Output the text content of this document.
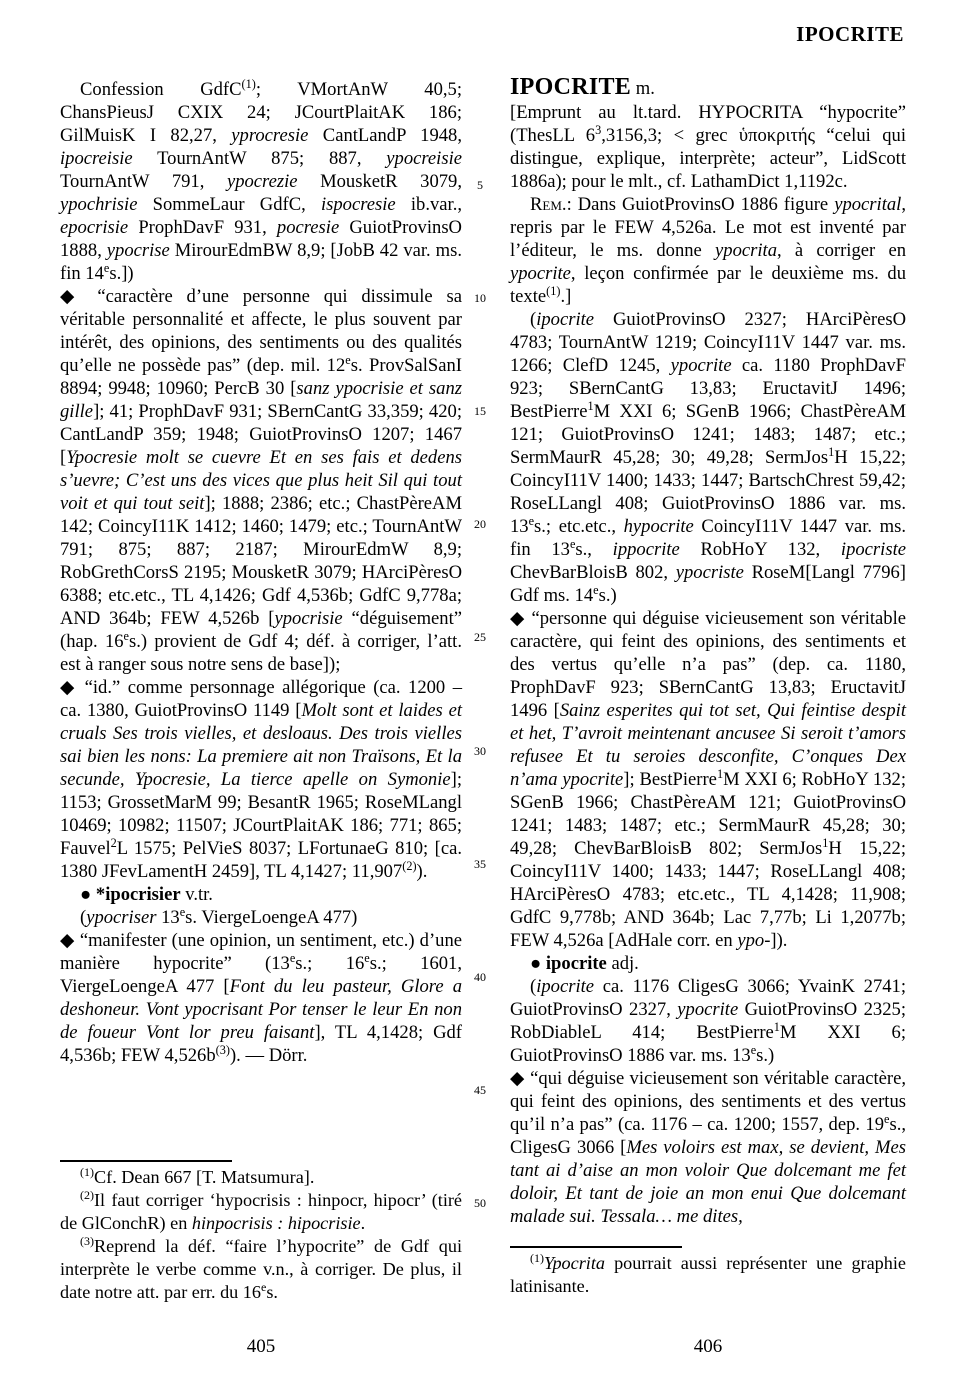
IPOCRITE

Confession GdfC$^{(1)}$; VMortAnW 40,5; ChansPieusJ CXIX 24; JCourtPlaitAK 186; GilMuisK I 82,27, yprocresie CantLandP 1948, ipocreisie TournAntW 875; 887, ypocreisie TournAntW 791, ypocrezie MousketR 3079, ypochrisie SommeLaur GdfC, ispocresie ib.var., epocrisie ProphDavF 931, pocresie GuiotProvinsO 1888, ypocrise MirourEdmBW 8,9; [JobB 42 var. ms. fin 14es.])

◆ “caractère d’une personne qui dissimule sa véritable personnalité et affecte, le plus souvent par intérêt, des opinions, des sentiments ou des qualités qu’elle ne possède pas” (dep. mil. 12es. ProvSalSanI 8894; 9948; 10960; PercB 30 [sanz ypocrisie et sanz gille]; 41; ProphDavF 931; SBernCantG 33,359; 420; CantLandP 359; 1948; GuiotProvinsO 1207; 1467 [Ypocresie molt se cuevre Et en ses fais et dedens s’uevre; C’est uns des vices que plus heit Sil qui tout voit et qui tout seit]; 1888; 2386; etc.; ChastPèreAM 142; CoincyI11K 1412; 1460; 1479; etc.; TournAntW 791; 875; 887; 2187; MirourEdmW 8,9; RobGrethCorsS 2195; MousketR 3079; HArciPèresO 6388; etc.etc., TL 4,1426; Gdf 4,536b; GdfC 9,778a; AND 364b; FEW 4,526b [ypocrisie “déguisement” (hap. 16es.) provient de Gdf 4; déf. à corriger, l’att. est à ranger sous notre sens de base]);

◆ “id.” comme personnage allégorique (ca. 1200 – ca. 1380, GuiotProvinsO 1149 [Molt sont et laides et cruals Ses trois vielles, et desloaus. Des trois vielles sai bien les nons: La premiere ait non Traïsons, Et la secunde, Ypocresie, La tierce apelle on Symonie]; 1153; GrossetMarM 99; BesantR 1965; RoseMLangl 10469; 10982; 11507; JCourtPlaitAK 186; 771; 865; Fauvel$^2$L 1575; PelVieS 8037; LFortunaeG 810; [ca. 1380 JFevLamentH 2459], TL 4,1427; 11,907$^{(2)}$).

● *ipocrisier v.tr.

(ypocriser 13es. ViergeLoengeA 477)

◆ “manifester (une opinion, un sentiment, etc.) d’une manière hypocrite” (13es.; 16es.; 1601, ViergeLoengeA 477 [Font du leu pasteur, Glore a deshoneur. Vont ypocrisant Por tenser le leur En non de foueur Vont lor preu faisant], TL 4,1428; Gdf 4,536b; FEW $4,526b^{(3)}$). — Dörr.

5
10
15
20
25
30
35
40
45
50

IPOCRITE m.

[Emprunt au lt.tard. HYPOCRITA “hypocrite” (ThesLL $6^3,3156,3$; < grec ὑποκριτής “celui qui distingue, explique, interprète; acteur”, LidScott 1886a); pour le mlt., cf. LathamDict 1,1192c.

Rem.: Dans GuiotProvinsO 1886 figure ypocrital, repris par le FEW 4,526a. Le mot est inventé par l’éditeur, le ms. donne ypocrita, à corriger en ypocrite, leçon confirmée par le deuxième ms. du texte$^{(1)}$.]

(ipocrite GuiotProvinsO 2327; HArciPèresO 4783; TournAntW 1219; CoincyI11V 1447 var. ms. 1266; ClefD 1245, ypocrite ca. 1180 ProphDavF 923; SBernCantG 13,83; EructavitJ 1496; BestPierre$^1$M XXI 6; SGenB 1966; ChastPèreAM 121; GuiotProvinsO 1241; 1483; 1487; etc.; SermMaurR 45,28; 30; 49,28; SermJos$^1$H 15,22; CoincyI11V 1400; 1433; 1447; BartschChrest 59,42; RoseLLangl 408; GuiotProvinsO 1886 var. ms. 13es.; etc.etc., hypocrite CoincyI11V 1447 var. ms. fin 13es., ippocrite RobHoY 132, ipocriste ChevBarBloisB 802, ypocriste RoseM[Langl 7796] Gdf ms. 14es.)

◆ “personne qui déguise vicieusement son véritable caractère, qui feint des opinions, des sentiments et des vertus qu’elle n’a pas” (dep. ca. 1180, ProphDavF 923; SBernCantG 13,83; EructavitJ 1496 [Sainz esperites qui tot set, Qui feintise despit et het, T’avroit meintenant ancusee Si seroit t’amors refusee Et tu seroies desconfite, C’onques Dex n’ama ypocrite]; BestPierre$^1$M XXI 6; RobHoY 132; SGenB 1966; ChastPèreAM 121; GuiotProvinsO 1241; 1483; 1487; etc.; SermMaurR 45,28; 30; 49,28; ChevBarBloisB 802; SermJos$^1$H 15,22; CoincyI11V 1400; 1433; 1447; RoseLLangl 408; HArciPèresO 4783; etc.etc., TL 4,1428; 11,908; GdfC 9,778b; AND 364b; Lac 7,77b; Li 1,2077b; FEW 4,526a [AdHale corr. en ypo-]).

● ipocrite adj.

(ipocrite ca. 1176 CligesG 3066; YvainK 2741; GuiotProvinsO 2327, ypocrite GuiotProvinsO 2325; RobDiableL 414; BestPierre$^1$M XXI 6; GuiotProvinsO 1886 var. ms. 13es.)

◆ “qui déguise vicieusement son véritable caractère, qui feint des opinions, des sentiments et des vertus qu’il n’a pas” (ca. 1176 – ca. 1200; 1557, dep. 19es., CligesG 3066 [Mes voloirs est max, se devient, Mes tant ai d’aise an mon voloir Que dolcemant me fet doloir, Et tant de joie an mon enui Que dolcemant malade sui. Tessala… me dites,

$^{(1)}$Cf. Dean 667 [T. Matsumura].

$^{(2)}$Il faut corriger ‘hypocrisis : hinpocr, hipocr’ (tiré de GlConchR) en hinpocrisis : hipocrisie.

$^{(3)}$Reprend la déf. “faire l’hypocrite” de Gdf qui interprète le verbe comme v.n., à corriger. De plus, il date notre att. par err. du 16es.

$^{(1)}$Ypocrita pourrait aussi représenter une graphie latinisante.

405	406
